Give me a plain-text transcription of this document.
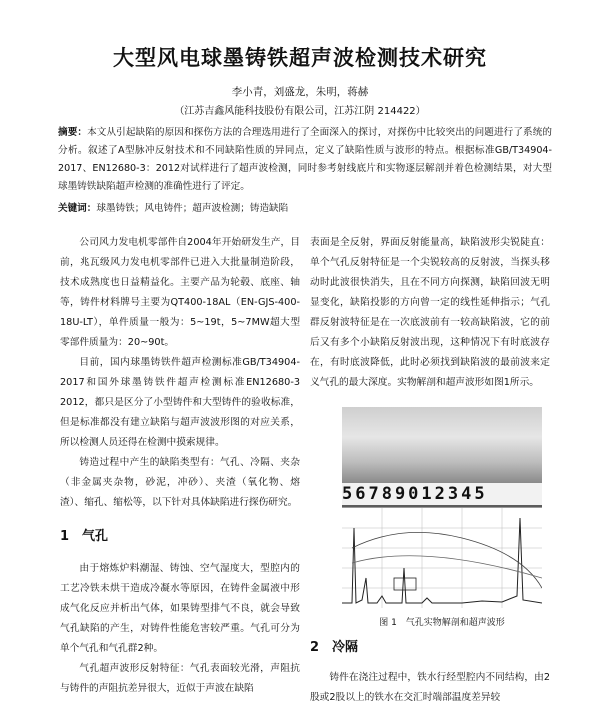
大型风电球墨铸铁超声波检测技术研究
李小青，刘盛龙，朱明，蒋赫
（江苏吉鑫风能科技股份有限公司，江苏江阴 214422）
摘要：本文从引起缺陷的原因和探伤方法的合理选用进行了全面深入的探讨，对探伤中比较突出的问题进行了系统的分析。叙述了A型脉冲反射技术和不同缺陷性质的异同点，定义了缺陷性质与波形的特点。根据标准GB/T34904-2017、EN12680-3：2012对试样进行了超声波检测，同时参考射线底片和实物逐层解剖并着色检测结果，对大型球墨铸铁缺陷超声检测的准确性进行了评定。
关键词：球墨铸铁；风电铸件；超声波检测；铸造缺陷

公司风力发电机零部件自2004年开始研发生产，目前，兆瓦级风力发电机零部件已进入大批量制造阶段，技术成熟度也日益精益化。主要产品为轮毂、底座、轴等，铸件材料牌号主要为QT400-18AL（EN-GJS-400-18U-LT），单件质量一般为：5~19t，5~7MW超大型零部件质量为：20~90t。

目前，国内球墨铸铁件超声检测标准GB/T34904-2017和国外球墨铸铁件超声检测标准EN12680-3 2012，都只是区分了小型铸件和大型铸件的验收标准，但是标准都没有建立缺陷与超声波波形图的对应关系，所以检测人员还得在检测中摸索规律。

铸造过程中产生的缺陷类型有：气孔、冷隔、夹杂（非金属夹杂物，砂泥，冲砂）、夹渣（氧化物、熔渣）、缩孔、缩松等，以下针对具体缺陷进行探伤研究。

1　气孔

由于熔炼炉料潮湿、铸蚀、空气湿度大，型腔内的工艺冷铁未烘干造成冷凝水等原因，在铸件金属液中形成气化反应并析出气体，如果铸型排气不良，就会导致气孔缺陷的产生，对铸件性能危害较严重。气孔可分为单个气孔和气孔群2种。

气孔超声波形反射特征：气孔表面较光滑，声阻抗与铸件的声阻抗差异很大，近似于声波在缺陷

表面是全反射，界面反射能量高，缺陷波形尖锐陡直：单个气孔反射特征是一个尖锐较高的反射波，当探头移动时此波很快消失，且在不同方向探测，缺陷回波无明显变化，缺陷投影的方向曾一定的线性延伸指示；气孔群反射波特征是在一次底波前有一较高缺陷波，它的前后又有多个小缺陷反射波出现，这种情况下有时底波存在，有时底波降低，此时必须找到缺陷波的最前波来定义气孔的最大深度。实物解剖和超声波形如图1所示。

56789012345
图 1　气孔实物解剖和超声波形
2　冷隔

铸件在浇注过程中，铁水行经型腔内不同结构，由2股或2股以上的铁水在交汇时端部温度差异较
